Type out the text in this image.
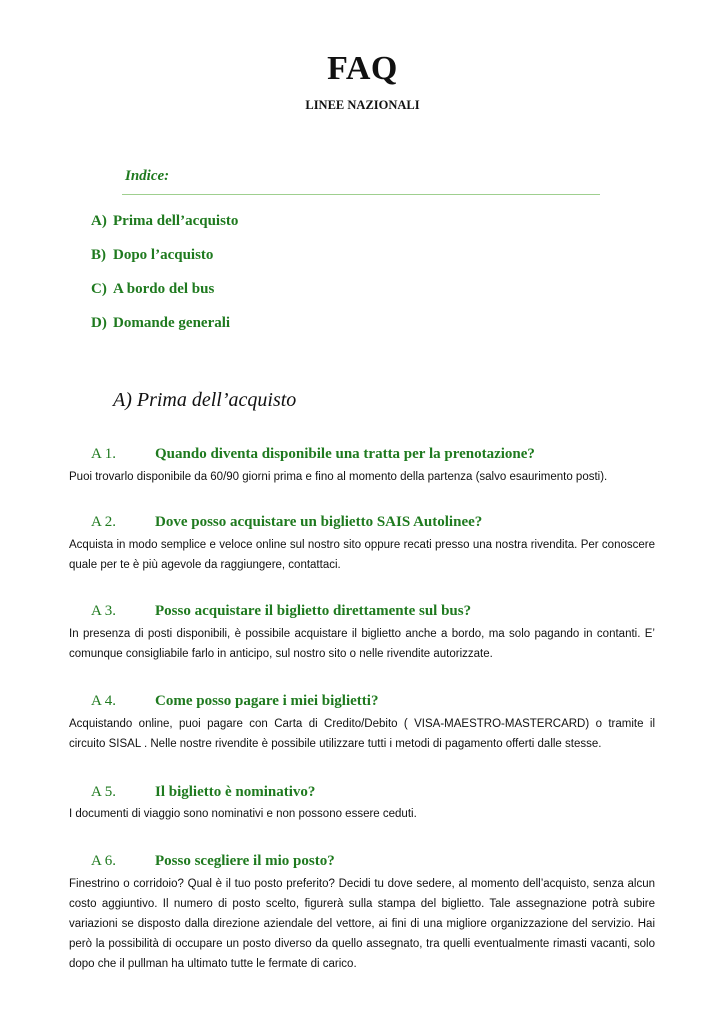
FAQ
LINEE NAZIONALI
Indice:
A) Prima dell’acquisto
B) Dopo l’acquisto
C) A bordo del bus
D) Domande generali
A) Prima dell’acquisto
A 1.	Quando diventa disponibile una tratta per la prenotazione?
Puoi trovarlo disponibile da 60/90 giorni prima e fino al momento della partenza (salvo esaurimento posti).
A 2.	Dove posso acquistare un biglietto SAIS Autolinee?
Acquista in modo semplice e veloce online sul nostro sito oppure recati presso una nostra rivendita. Per conoscere quale per te è più agevole da raggiungere, contattaci.
A 3.	Posso acquistare il biglietto direttamente sul bus?
In presenza di posti disponibili, è possibile acquistare il biglietto anche a bordo, ma solo pagando in contanti. E’ comunque consigliabile farlo in anticipo, sul nostro sito o nelle rivendite autorizzate.
A 4.	Come posso pagare i miei biglietti?
Acquistando online, puoi pagare con Carta di Credito/Debito ( VISA-MAESTRO-MASTERCARD) o tramite il circuito SISAL . Nelle nostre rivendite è possibile utilizzare tutti i metodi di pagamento offerti dalle stesse.
A 5.	Il biglietto è nominativo?
I documenti di viaggio sono nominativi e non possono essere ceduti.
A 6.	Posso scegliere il mio posto?
Finestrino o corridoio? Qual è il tuo posto preferito? Decidi tu dove sedere, al momento dell’acquisto, senza alcun costo aggiuntivo. Il numero di posto scelto, figurerà sulla stampa del biglietto. Tale assegnazione potrà subire variazioni se disposto dalla direzione aziendale del vettore, ai fini di una migliore organizzazione del servizio. Hai però la possibilità di occupare un posto diverso da quello assegnato, tra quelli eventualmente rimasti vacanti, solo dopo che il pullman ha ultimato tutte le fermate di carico.
